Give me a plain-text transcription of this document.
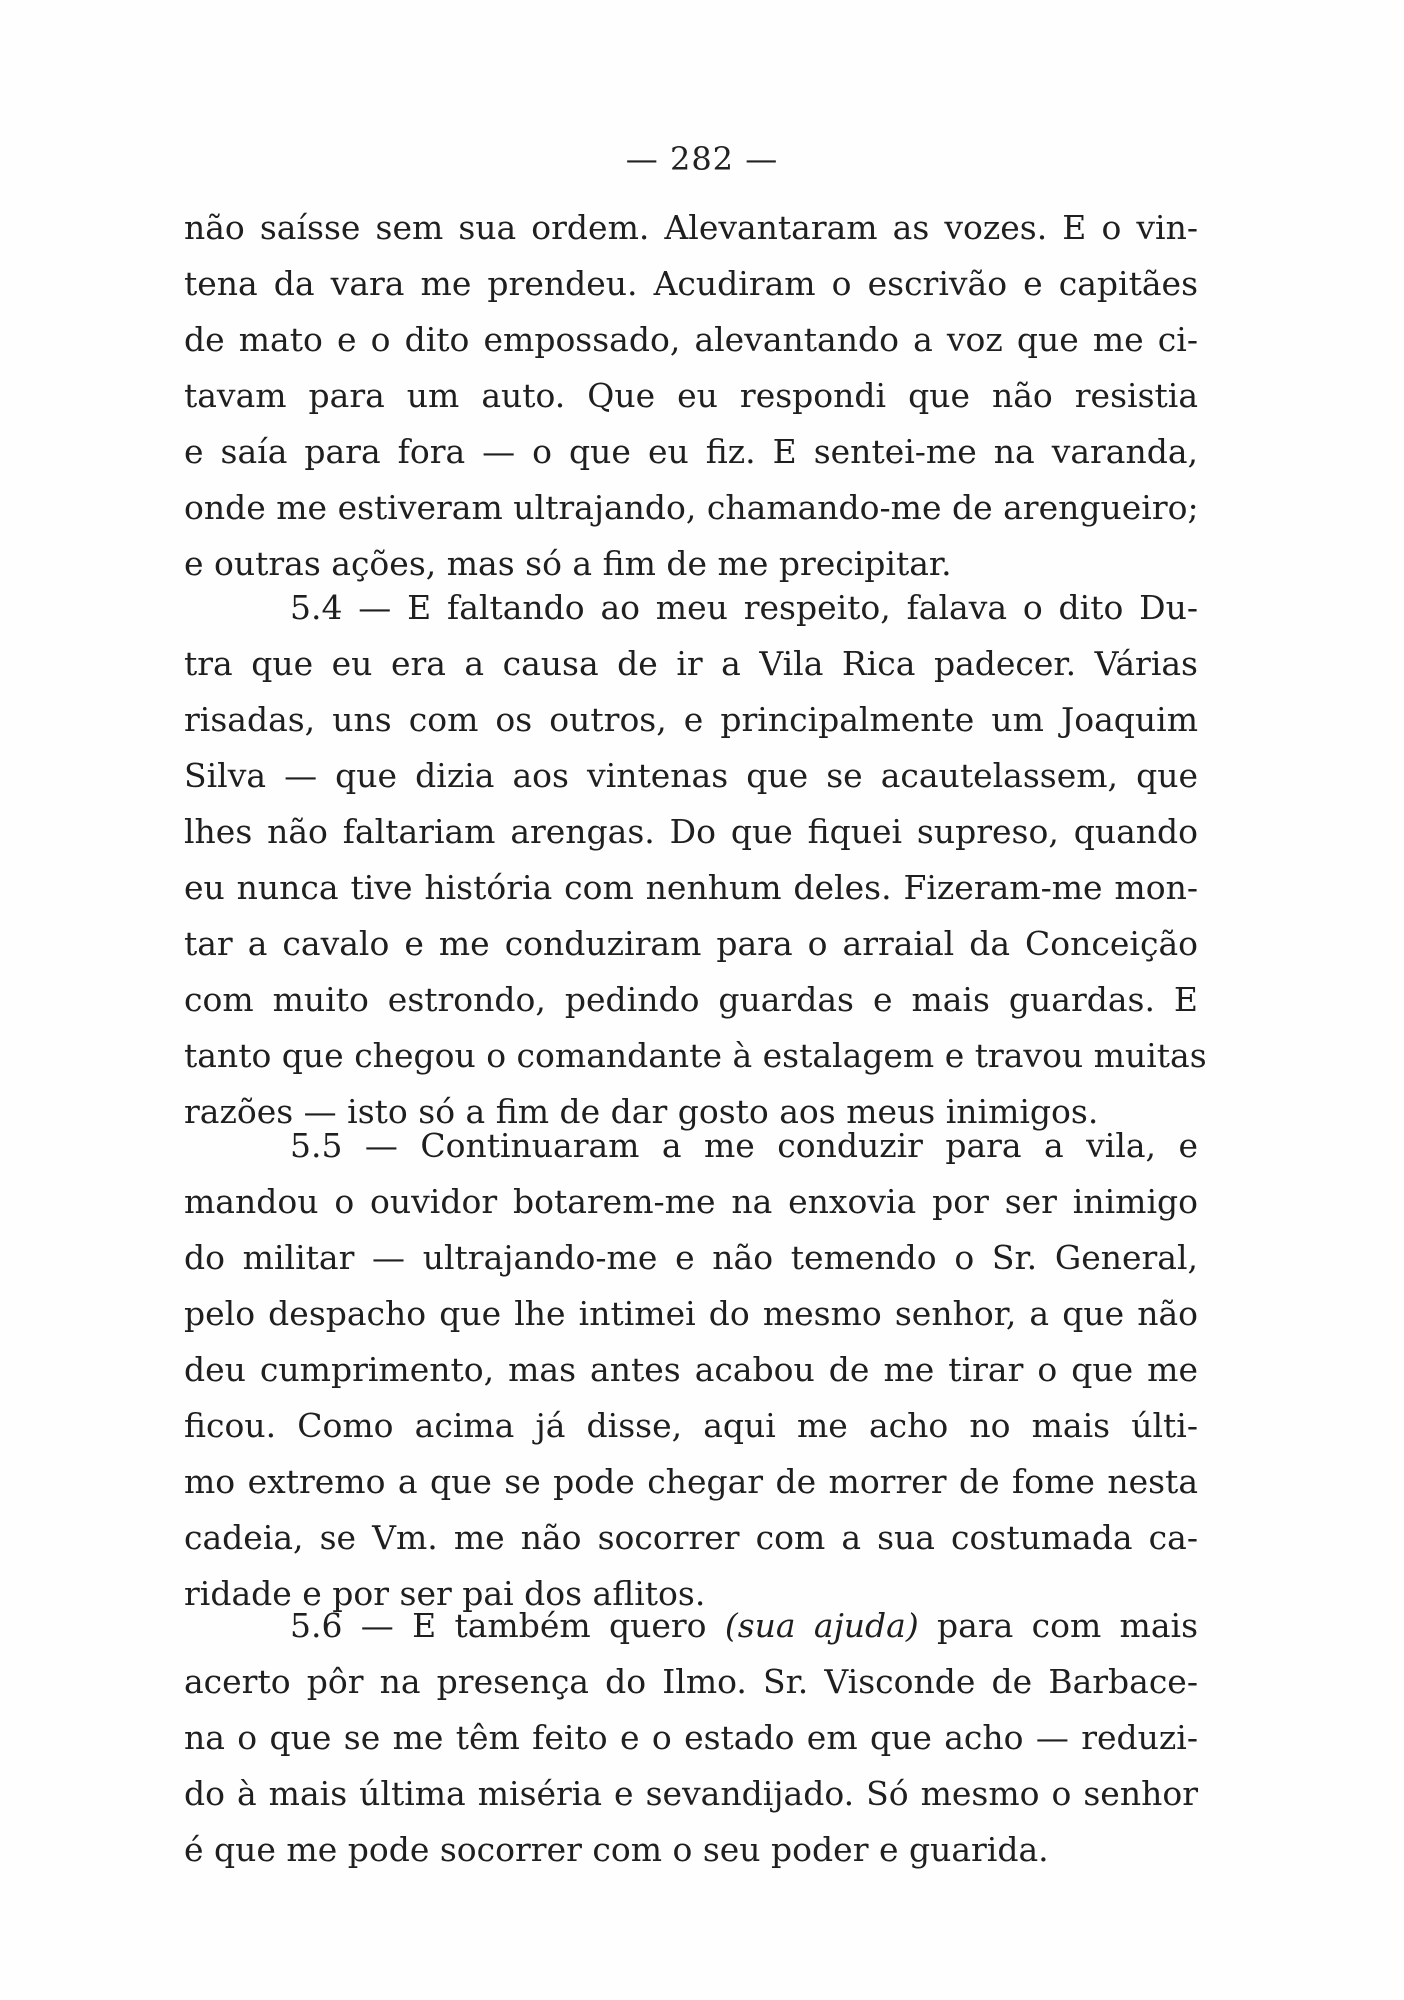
— 282 —
não saísse sem sua ordem. Alevantaram as vozes. E o vin-
tena da vara me prendeu. Acudiram o escrivão e capitães
de mato e o dito empossado, alevantando a voz que me ci-
tavam para um auto. Que eu respondi que não resistia
e saía para fora — o que eu fiz. E sentei-me na varanda,
onde me estiveram ultrajando, chamando-me de arengueiro;
e outras ações, mas só a fim de me precipitar.
5.4 — E faltando ao meu respeito, falava o dito Du-
tra que eu era a causa de ir a Vila Rica padecer. Várias
risadas, uns com os outros, e principalmente um Joaquim
Silva — que dizia aos vintenas que se acautelassem, que
lhes não faltariam arengas. Do que fiquei supreso, quando
eu nunca tive história com nenhum deles. Fizeram-me mon-
tar a cavalo e me conduziram para o arraial da Conceição
com muito estrondo, pedindo guardas e mais guardas. E
tanto que chegou o comandante à estalagem e travou muitas
razões — isto só a fim de dar gosto aos meus inimigos.
5.5 — Continuaram a me conduzir para a vila, e
mandou o ouvidor botarem-me na enxovia por ser inimigo
do militar — ultrajando-me e não temendo o Sr. General,
pelo despacho que lhe intimei do mesmo senhor, a que não
deu cumprimento, mas antes acabou de me tirar o que me
ficou. Como acima já disse, aqui me acho no mais últi-
mo extremo a que se pode chegar de morrer de fome nesta
cadeia, se Vm. me não socorrer com a sua costumada ca-
ridade e por ser pai dos aflitos.
5.6 — E também quero (sua ajuda) para com mais
acerto pôr na presença do Ilmo. Sr. Visconde de Barbace-
na o que se me têm feito e o estado em que acho — reduzi-
do à mais última miséria e sevandijado. Só mesmo o senhor
é que me pode socorrer com o seu poder e guarida.
